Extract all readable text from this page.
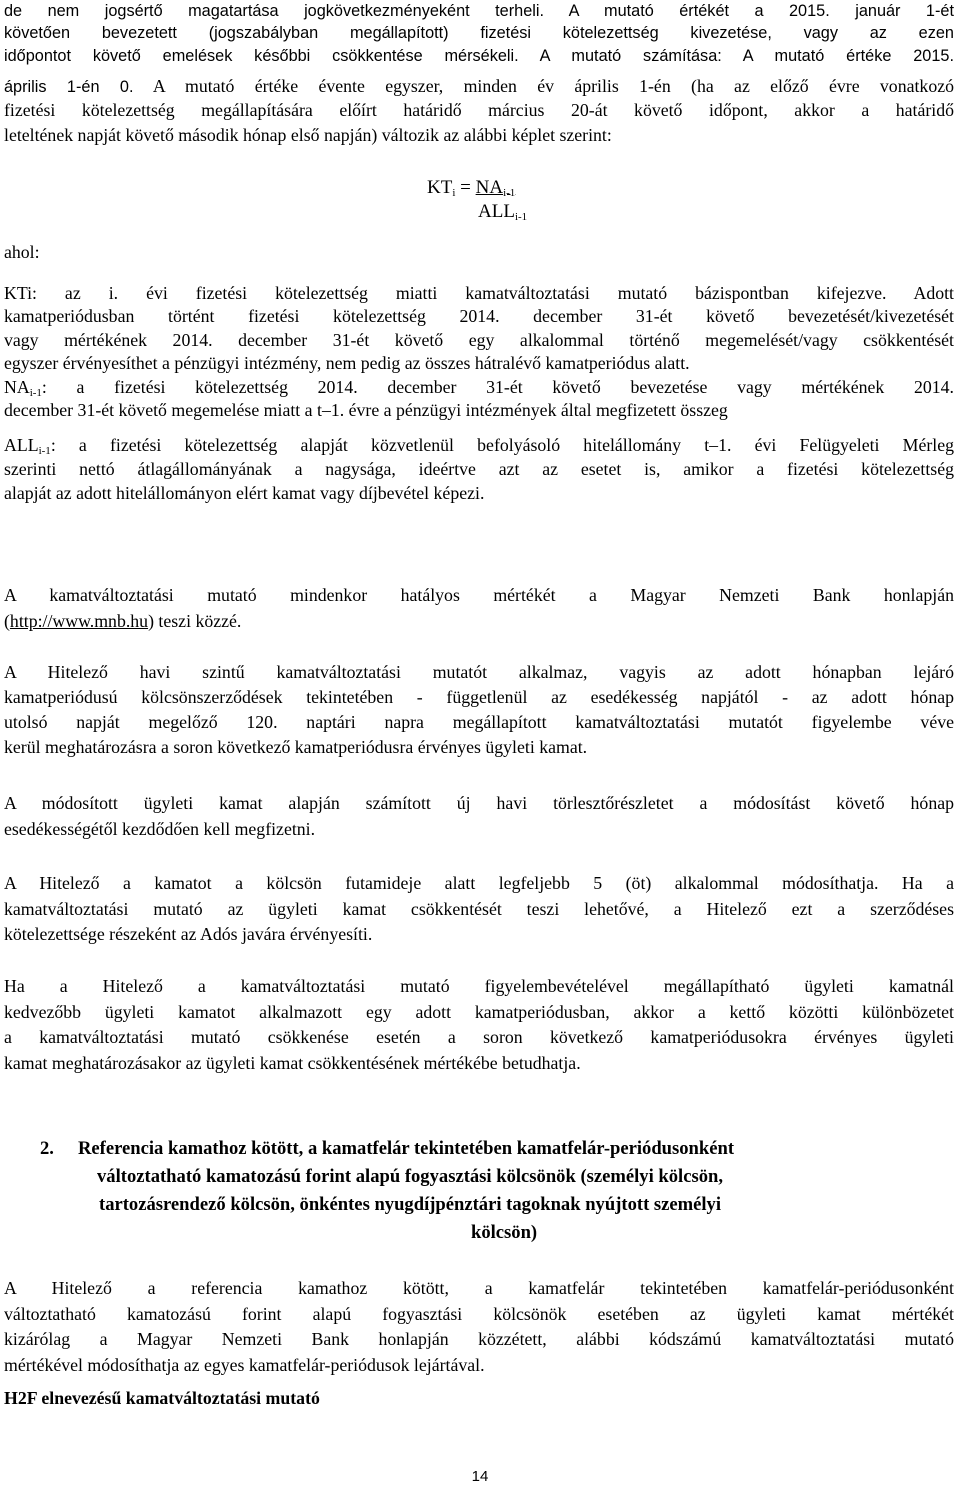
de nem jogsértő magatartása jogkövetkezményeként terheli. A mutató értékét a 2015. január 1-ét
követően bevezetett (jogszabályban megállapított) fizetési kötelezettség kivezetése, vagy az ezen
időpontot követő emelések későbbi csökkentése mérsékeli. A mutató számítása: A mutató értéke 2015.
április 1-én 0. A mutató értéke évente egyszer, minden év április 1-én (ha az előző évre vonatkozó
fizetési kötelezettség megállapítására előírt határidő március 20-át követő időpont, akkor a határidő
leteltének napját követő második hónap első napján) változik az alábbi képlet szerint:
$KT_i = NA_{i-1}$
$ALL_{i-1}$
ahol:
KTi: az i. évi fizetési kötelezettség miatti kamatváltoztatási mutató bázispontban kifejezve. Adott
kamatperiódusban történt fizetési kötelezettség 2014. december 31-ét követő bevezetését/kivezetését
vagy mértékének 2014. december 31-ét követő egy alkalommal történő megemelését/vagy csökkentését
egyszer érvényesíthet a pénzügyi intézmény, nem pedig az összes hátralévő kamatperiódus alatt.
$NA_{i-1}$: a fizetési kötelezettség 2014. december 31-ét követő bevezetése vagy mértékének 2014.
december 31-ét követő megemelése miatt a t–1. évre a pénzügyi intézmények által megfizetett összeg
$ALL_{i-1}$: a fizetési kötelezettség alapját közvetlenül befolyásoló hitelállomány t–1. évi Felügyeleti Mérleg
szerinti nettó átlagállományának a nagysága, ideértve azt az esetet is, amikor a fizetési kötelezettség
alapját az adott hitelállományon elért kamat vagy díjbevétel képezi.
A kamatváltoztatási mutató mindenkor hatályos mértékét a Magyar Nemzeti Bank honlapján
(http://www.mnb.hu) teszi közzé.
A Hitelező havi szintű kamatváltoztatási mutatót alkalmaz, vagyis az adott hónapban lejáró
kamatperiódusú kölcsönszerződések tekintetében - függetlenül az esedékesség napjától - az adott hónap
utolsó napját megelőző 120. naptári napra megállapított kamatváltoztatási mutatót figyelembe véve
kerül meghatározásra a soron következő kamatperiódusra érvényes ügyleti kamat.
A módosított ügyleti kamat alapján számított új havi törlesztőrészletet a módosítást követő hónap
esedékességétől kezdődően kell megfizetni.
A Hitelező a kamatot a kölcsön futamideje alatt legfeljebb 5 (öt) alkalommal módosíthatja. Ha a
kamatváltoztatási mutató az ügyleti kamat csökkentését teszi lehetővé, a Hitelező ezt a szerződéses
kötelezettsége részeként az Adós javára érvényesíti.
Ha a Hitelező a kamatváltoztatási mutató figyelembevételével megállapítható ügyleti kamatnál
kedvezőbb ügyleti kamatot alkalmazott egy adott kamatperiódusban, akkor a kettő közötti különbözetet
a kamatváltoztatási mutató csökkenése esetén a soron következő kamatperiódusokra érvényes ügyleti
kamat meghatározásakor az ügyleti kamat csökkentésének mértékébe betudhatja.
2. Referencia kamathoz kötött, a kamatfelár tekintetében kamatfelár-periódusonként
változtatható kamatozású forint alapú fogyasztási kölcsönök (személyi kölcsön,
tartozásrendező kölcsön, önkéntes nyugdíjpénztári tagoknak nyújtott személyi
kölcsön)
A Hitelező a referencia kamathoz kötött, a kamatfelár tekintetében kamatfelár-periódusonként
változtatható kamatozású forint alapú fogyasztási kölcsönök esetében az ügyleti kamat mértékét
kizárólag a Magyar Nemzeti Bank honlapján közzétett, alábbi kódszámú kamatváltoztatási mutató
mértékével módosíthatja az egyes kamatfelár-periódusok lejártával.
H2F elnevezésű kamatváltoztatási mutató
14
